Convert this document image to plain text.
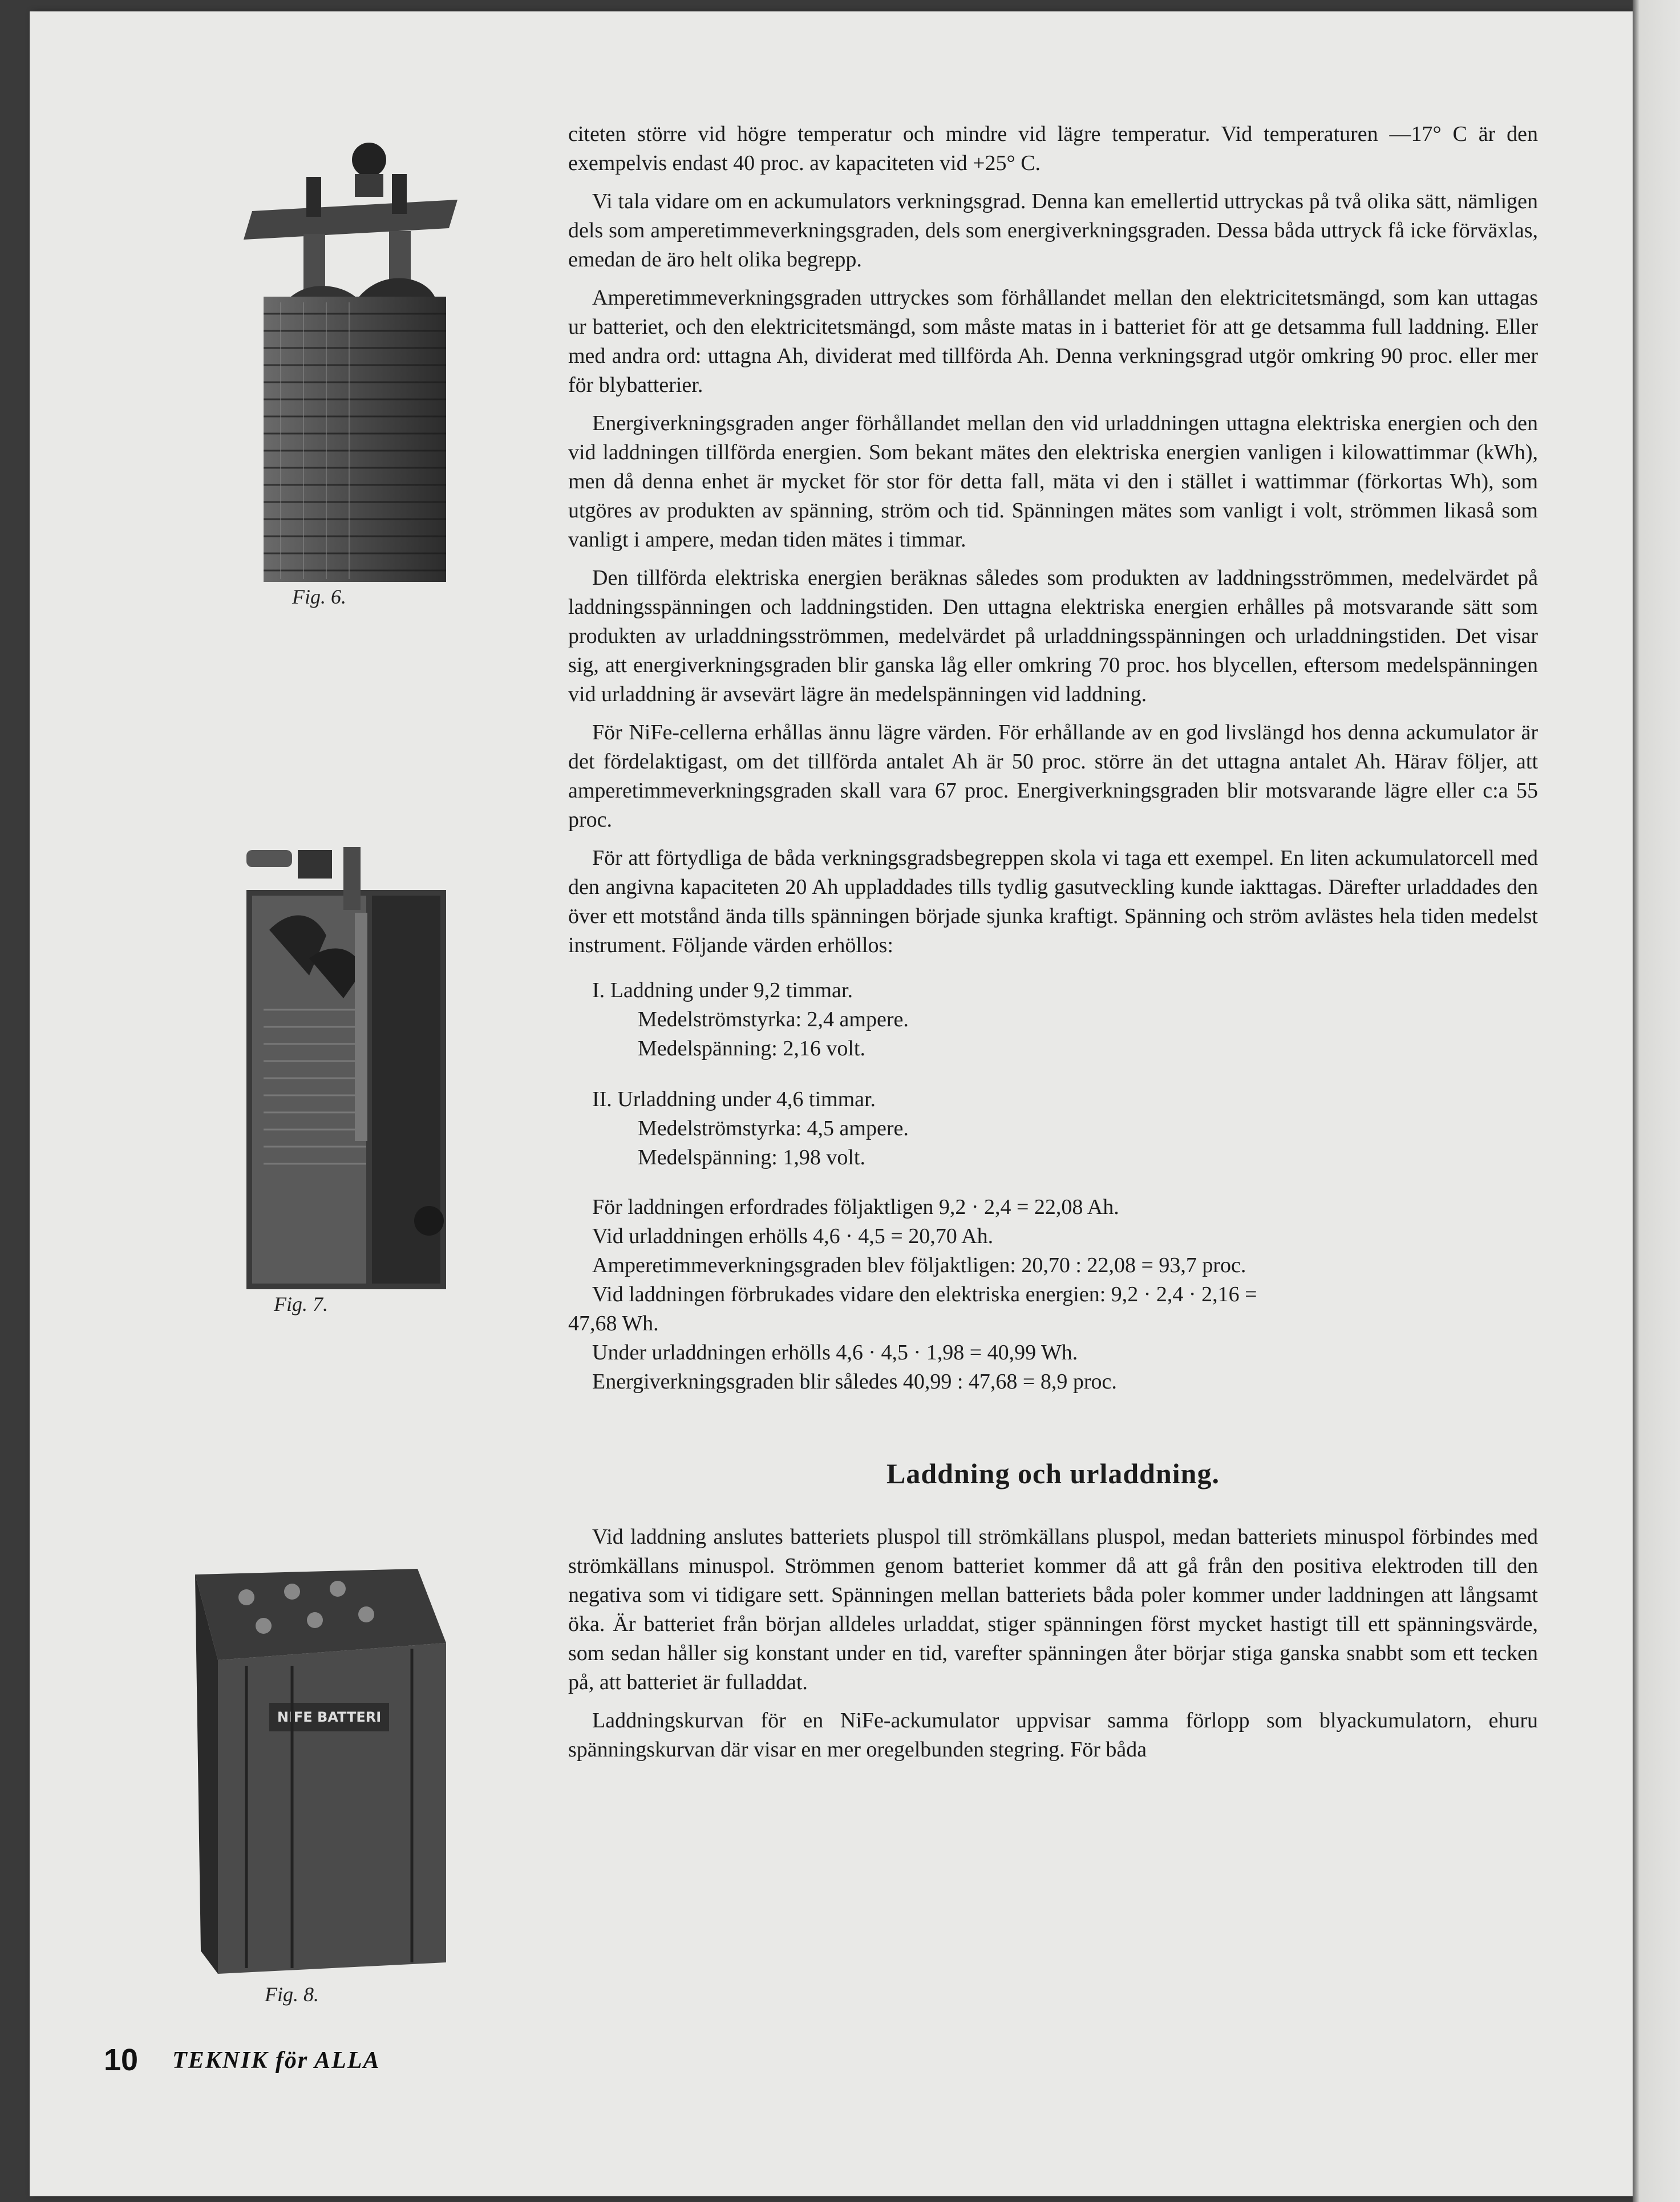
Fig. 6.
Fig. 7.
NIFE BATTERI
Fig. 8.

citeten större vid högre temperatur och mindre vid lägre temperatur. Vid temperaturen —17° C är den exempelvis endast 40 proc. av kapaciteten vid +25° C.

Vi tala vidare om en ackumulators verkningsgrad. Denna kan emellertid uttryckas på två olika sätt, nämligen dels som amperetimmeverkningsgraden, dels som energiverkningsgraden. Dessa båda uttryck få icke förväxlas, emedan de äro helt olika begrepp.

Amperetimmeverkningsgraden uttryckes som förhållandet mellan den elektricitetsmängd, som kan uttagas ur batteriet, och den elektricitetsmängd, som måste matas in i batteriet för att ge detsamma full laddning. Eller med andra ord: uttagna Ah, dividerat med tillförda Ah. Denna verkningsgrad utgör omkring 90 proc. eller mer för blybatterier.

Energiverkningsgraden anger förhållandet mellan den vid urladdningen uttagna elektriska energien och den vid laddningen tillförda energien. Som bekant mätes den elektriska energien vanligen i kilowattimmar (kWh), men då denna enhet är mycket för stor för detta fall, mäta vi den i stället i wattimmar (förkortas Wh), som utgöres av produkten av spänning, ström och tid. Spänningen mätes som vanligt i volt, strömmen likaså som vanligt i ampere, medan tiden mätes i timmar.

Den tillförda elektriska energien beräknas således som produkten av laddningsströmmen, medelvärdet på laddningsspänningen och laddningstiden. Den uttagna elektriska energien erhålles på motsvarande sätt som produkten av urladdningsströmmen, medelvärdet på urladdningsspänningen och urladdningstiden. Det visar sig, att energiverkningsgraden blir ganska låg eller omkring 70 proc. hos blycellen, eftersom medelspänningen vid urladdning är avsevärt lägre än medelspänningen vid laddning.

För NiFe-cellerna erhållas ännu lägre värden. För erhållande av en god livslängd hos denna ackumulator är det fördelaktigast, om det tillförda antalet Ah är 50 proc. större än det uttagna antalet Ah. Härav följer, att amperetimmeverkningsgraden skall vara 67 proc. Energiverkningsgraden blir motsvarande lägre eller c:a 55 proc.

För att förtydliga de båda verkningsgradsbegreppen skola vi taga ett exempel. En liten ackumulatorcell med den angivna kapaciteten 20 Ah uppladdades tills tydlig gasutveckling kunde iakttagas. Därefter urladdades den över ett motstånd ända tills spänningen började sjunka kraftigt. Spänning och ström avlästes hela tiden medelst instrument. Följande värden erhöllos:

I. Laddning under 9,2 timmar.
Medelströmstyrka: 2,4 ampere.
Medelspänning: 2,16 volt.
II. Urladdning under 4,6 timmar.
Medelströmstyrka: 4,5 ampere.
Medelspänning: 1,98 volt.
För laddningen erfordrades följaktligen 9,2 · 2,4 = 22,08 Ah.
Vid urladdningen erhölls 4,6 · 4,5 = 20,70 Ah.
Amperetimmeverkningsgraden blev följaktligen: 20,70 : 22,08 = 93,7 proc.
Vid laddningen förbrukades vidare den elektriska energien: 9,2 · 2,4 · 2,16 =
47,68 Wh.
Under urladdningen erhölls 4,6 · 4,5 · 1,98 = 40,99 Wh.
Energiverkningsgraden blir således 40,99 : 47,68 = 8,9 proc.
Laddning och urladdning.

Vid laddning anslutes batteriets pluspol till strömkällans pluspol, medan batteriets minuspol förbindes med strömkällans minuspol. Strömmen genom batteriet kommer då att gå från den positiva elektroden till den negativa som vi tidigare sett. Spänningen mellan batteriets båda poler kommer under laddningen att långsamt öka. Är batteriet från början alldeles urladdat, stiger spänningen först mycket hastigt till ett spänningsvärde, som sedan håller sig konstant under en tid, varefter spänningen åter börjar stiga ganska snabbt som ett tecken på, att batteriet är fulladdat.

Laddningskurvan för en NiFe-ackumulator uppvisar samma förlopp som blyackumulatorn, ehuru spänningskurvan där visar en mer oregelbunden stegring. För båda

10 TEKNIK för ALLA
